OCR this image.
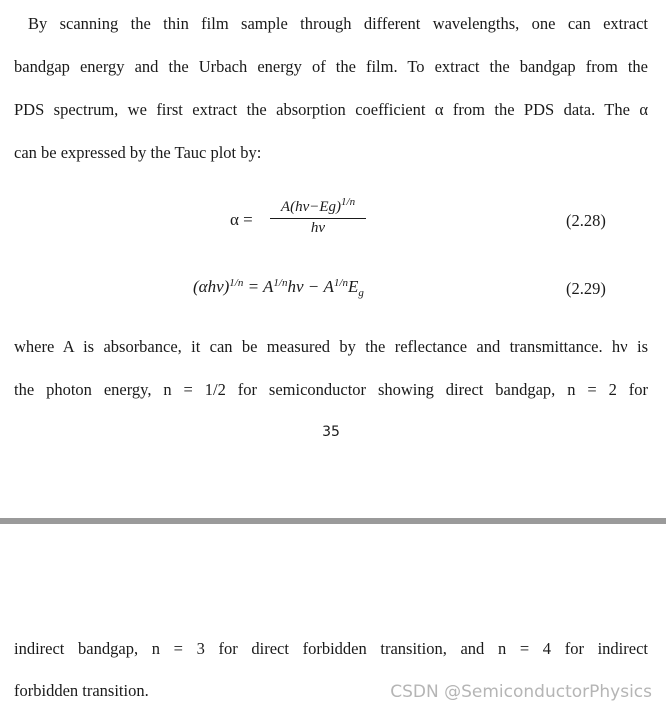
By scanning the thin film sample through different wavelengths, one can extract
bandgap energy and the Urbach energy of the film. To extract the bandgap from the
PDS spectrum, we first extract the absorption coefficient α from the PDS data. The α
can be expressed by the Tauc plot by:
α =
$A(h\nu-Eg)^{1/n}$
hν	(2.28)
$(\alpha h\nu)^{1/n} = A^{1/n}h\nu - A^{1/n}E_g$	(2.29)
where A is absorbance, it can be measured by the reflectance and transmittance. hν is
the photon energy, n = 1/2 for semiconductor showing direct bandgap, n = 2 for
35
indirect bandgap, n = 3 for direct forbidden transition, and n = 4 for indirect
forbidden transition.	CSDN @SemiconductorPhysics
